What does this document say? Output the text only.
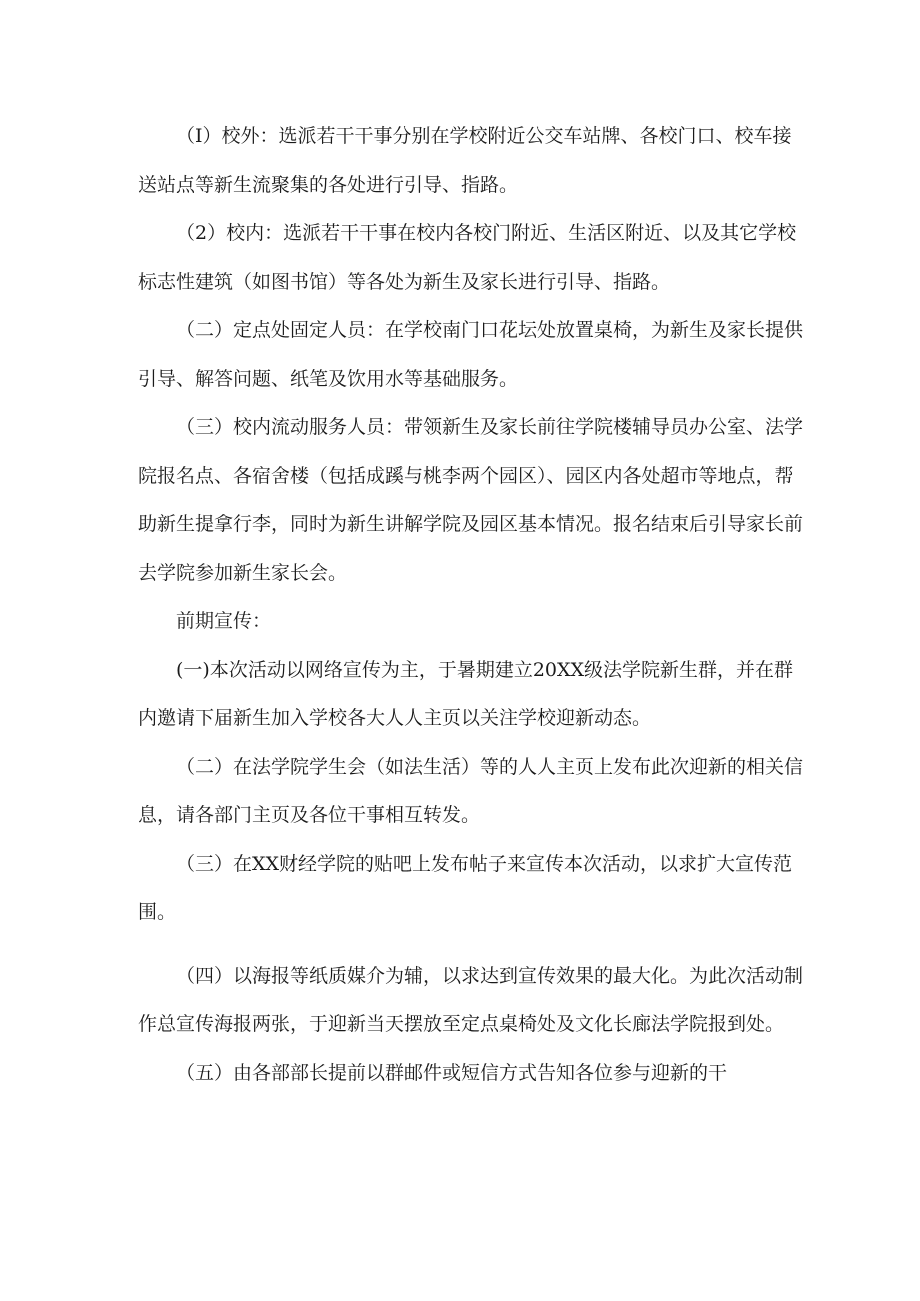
（I）校外：选派若干干事分别在学校附近公交车站牌、各校门口、校车接送站点等新生流聚集的各处进行引导、指路。

（2）校内：选派若干干事在校内各校门附近、生活区附近、以及其它学校标志性建筑（如图书馆）等各处为新生及家长进行引导、指路。

（二）定点处固定人员：在学校南门口花坛处放置桌椅，为新生及家长提供引导、解答问题、纸笔及饮用水等基础服务。

（三）校内流动服务人员：带领新生及家长前往学院楼辅导员办公室、法学院报名点、各宿舍楼（包括成蹊与桃李两个园区）、园区内各处超市等地点，帮助新生提拿行李，同时为新生讲解学院及园区基本情况。报名结束后引导家长前去学院参加新生家长会。

前期宣传：

(一)本次活动以网络宣传为主，于暑期建立20XX级法学院新生群，并在群内邀请下届新生加入学校各大人人主页以关注学校迎新动态。

（二）在法学院学生会（如法生活）等的人人主页上发布此次迎新的相关信息，请各部门主页及各位干事相互转发。

（三）在XX财经学院的贴吧上发布帖子来宣传本次活动，以求扩大宣传范围。

（四）以海报等纸质媒介为辅，以求达到宣传效果的最大化。为此次活动制作总宣传海报两张，于迎新当天摆放至定点桌椅处及文化长廊法学院报到处。

（五）由各部部长提前以群邮件或短信方式告知各位参与迎新的干
